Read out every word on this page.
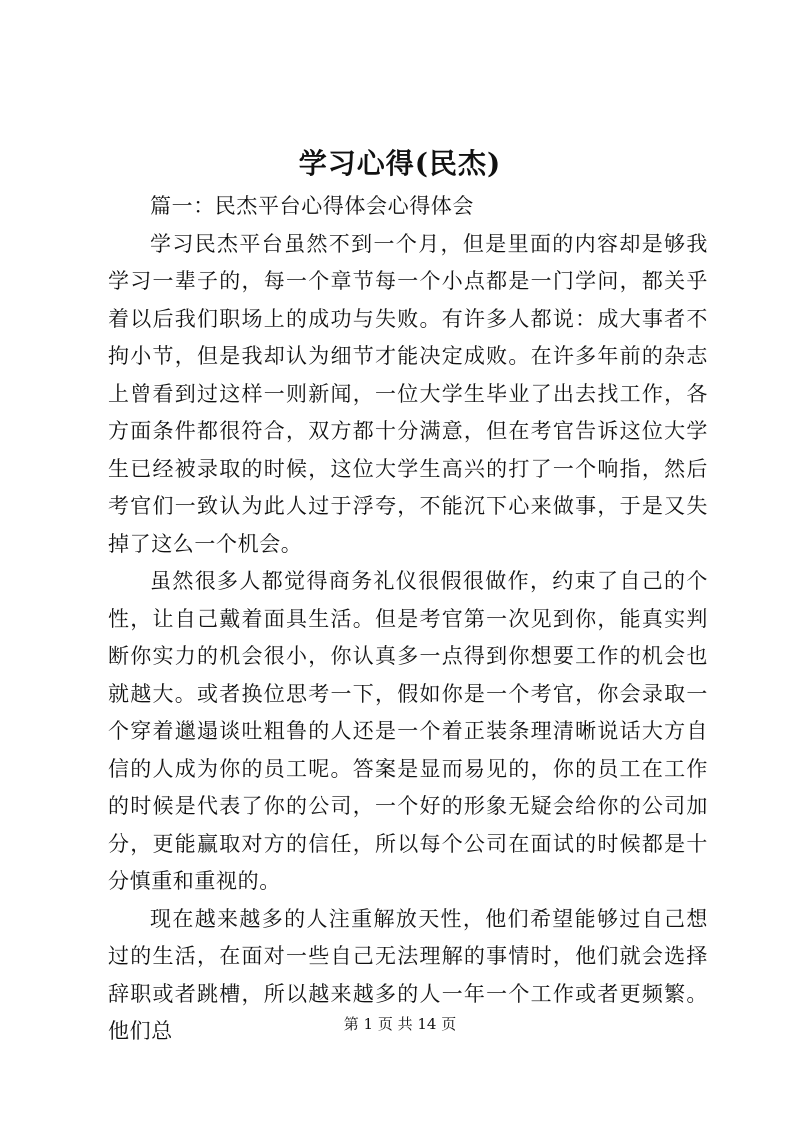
学习心得(民杰)

篇一：民杰平台心得体会心得体会

学习民杰平台虽然不到一个月，但是里面的内容却是够我学习一辈子的，每一个章节每一个小点都是一门学问，都关乎着以后我们职场上的成功与失败。有许多人都说：成大事者不拘小节，但是我却认为细节才能决定成败。在许多年前的杂志上曾看到过这样一则新闻，一位大学生毕业了出去找工作，各方面条件都很符合，双方都十分满意，但在考官告诉这位大学生已经被录取的时候，这位大学生高兴的打了一个响指，然后考官们一致认为此人过于浮夸，不能沉下心来做事，于是又失掉了这么一个机会。

虽然很多人都觉得商务礼仪很假很做作，约束了自己的个性，让自己戴着面具生活。但是考官第一次见到你，能真实判断你实力的机会很小，你认真多一点得到你想要工作的机会也就越大。或者换位思考一下，假如你是一个考官，你会录取一个穿着邋遢谈吐粗鲁的人还是一个着正装条理清晰说话大方自信的人成为你的员工呢。答案是显而易见的，你的员工在工作的时候是代表了你的公司，一个好的形象无疑会给你的公司加分，更能赢取对方的信任，所以每个公司在面试的时候都是十分慎重和重视的。

现在越来越多的人注重解放天性，他们希望能够过自己想过的生活，在面对一些自己无法理解的事情时，他们就会选择辞职或者跳槽，所以越来越多的人一年一个工作或者更频繁。他们总	第 1 页 共 14 页
